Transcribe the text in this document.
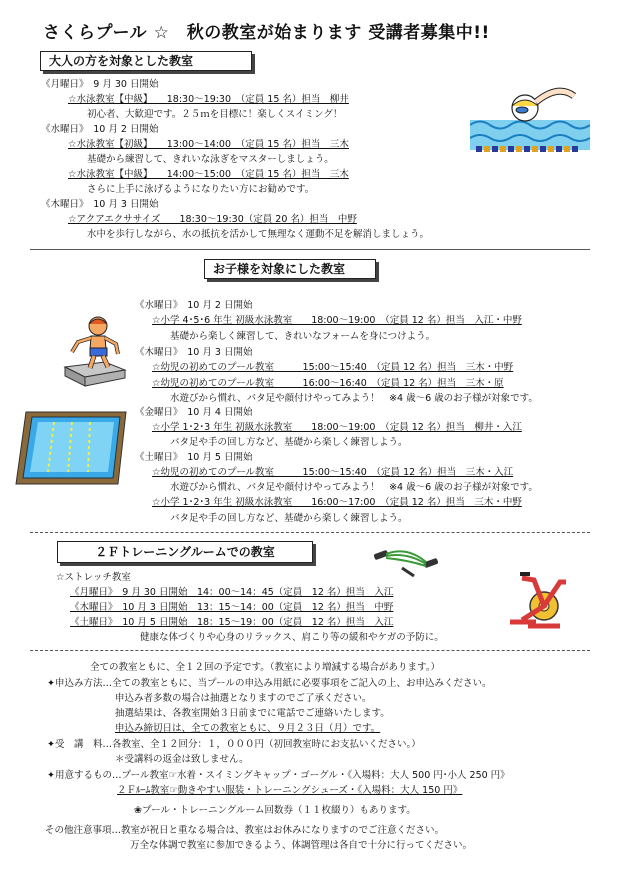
さくらプール ☆　秋の教室が始まります 受講者募集中!!
大人の方を対象とした教室
《月曜日》　9 月 30 日開始
☆水泳教室【中級】　　18:30～19:30　（定員 15 名）担当　柳井
初心者、大歓迎です。２５ｍを目標に！楽しくスイミング！
《水曜日》　10 月 2 日開始
☆水泳教室【初級】　　13:00～14:00　（定員 15 名）担当　三木
基礎から練習して、きれいな泳ぎをマスターしましょう。
☆水泳教室【中級】　　14:00～15:00　（定員 15 名）担当　三木
さらに上手に泳げるようになりたい方にお勧めです。
《木曜日》　10 月 3 日開始
☆アクアエクササイズ　　18:30～19:30（定員 20 名）担当　中野
水中を歩行しながら、水の抵抗を活かして無理なく運動不足を解消しましょう。
お子様を対象にした教室
《水曜日》　10 月 2 日開始
☆小学 4･5･6 年生 初級水泳教室　　18:00～19:00　（定員 12 名）担当　入江・中野
基礎から楽しく練習して、きれいなフォームを身につけよう。
《木曜日》　10 月 3 日開始
☆幼児の初めてのプール教室　　　15:00～15:40　（定員 12 名）担当　三木・中野
☆幼児の初めてのプール教室　　　16:00～16:40　（定員 12 名）担当　三木・原
水遊びから慣れ、バタ足や顔付けやってみよう！　※4 歳～6 歳のお子様が対象です。
《金曜日》　10 月 4 日開始
☆小学 1･2･3 年生 初級水泳教室　　18:00～19:00　（定員 12 名）担当　柳井・入江
バタ足や手の回し方など、基礎から楽しく練習しよう。
《土曜日》　10 月 5 日開始
☆幼児の初めてのプール教室　　　15:00～15:40　（定員 12 名）担当　三木・入江
水遊びから慣れ、バタ足や顔付けやってみよう！　※4 歳～6 歳のお子様が対象です。
☆小学 1･2･3 年生 初級水泳教室　　16:00～17:00　（定員 12 名）担当　三木・中野
バタ足や手の回し方など、基礎から楽しく練習しよう。
２Ｆトレーニングルームでの教室
☆ストレッチ教室
《月曜日》　9 月 30 日開始　14：00～14：45（定員　12 名）担当　入江
《木曜日》　10 月 3 日開始　13：15～14：00（定員　12 名）担当　中野
《土曜日》　10 月 5 日開始　18：15～19：00（定員　12 名）担当　入江
健康な体づくりや心身のリラックス、肩こり等の緩和やケガの予防に。
全ての教室ともに、全１２回の予定です。（教室により増減する場合があります。）
✦申込み方法…全ての教室ともに、当プールの申込み用紙に必要事項をご記入の上、お申込みください。
申込み者多数の場合は抽選となりますのでご了承ください。
抽選結果は、各教室開始３日前までに電話でご連絡いたします。
申込み締切日は、全ての教室ともに、９月２３日（月）です。
✦受　講　料…各教室、全１２回分：１，０００円（初回教室時にお支払いください。）
＊受講料の返金は致しません。
✦用意するもの…プール教室☞水着・スイミングキャップ・ゴーグル・《入場料：大人 500 円･小人 250 円》
２Ｆﾙｰﾑ教室☞動きやすい服装・トレーニングシューズ・《入場料：大人 150 円》
❀プール・トレーニングルーム回数券（１１枚綴り）もあります。
その他注意事項…教室が祝日と重なる場合は、教室はお休みになりますのでご注意ください。
万全な体調で教室に参加できるよう、体調管理は各自で十分に行ってください。
